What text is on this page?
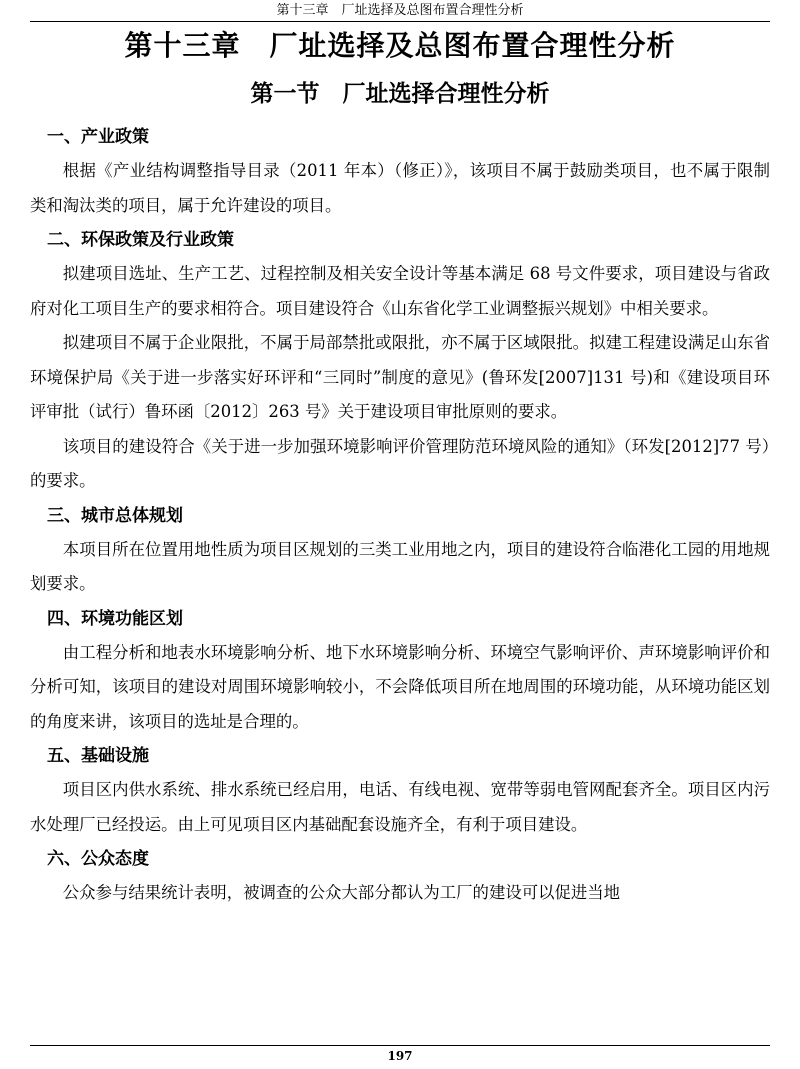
第十三章　厂址选择及总图布置合理性分析
第十三章　厂址选择及总图布置合理性分析
第一节　厂址选择合理性分析
一、产业政策

根据《产业结构调整指导目录（2011 年本）（修正）》，该项目不属于鼓励类项目，也不属于限制类和淘汰类的项目，属于允许建设的项目。

二、环保政策及行业政策

拟建项目选址、生产工艺、过程控制及相关安全设计等基本满足 68 号文件要求，项目建设与省政府对化工项目生产的要求相符合。项目建设符合《山东省化学工业调整振兴规划》中相关要求。

拟建项目不属于企业限批，不属于局部禁批或限批，亦不属于区域限批。拟建工程建设满足山东省环境保护局《关于进一步落实好环评和“三同时”制度的意见》(鲁环发[2007]131 号)和《建设项目环评审批（试行）鲁环函〔2012〕263 号》关于建设项目审批原则的要求。

该项目的建设符合《关于进一步加强环境影响评价管理防范环境风险的通知》（环发[2012]77 号）的要求。

三、城市总体规划

本项目所在位置用地性质为项目区规划的三类工业用地之内，项目的建设符合临港化工园的用地规划要求。

四、环境功能区划

由工程分析和地表水环境影响分析、地下水环境影响分析、环境空气影响评价、声环境影响评价和分析可知，该项目的建设对周围环境影响较小，不会降低项目所在地周围的环境功能，从环境功能区划的角度来讲，该项目的选址是合理的。

五、基础设施

项目区内供水系统、排水系统已经启用，电话、有线电视、宽带等弱电管网配套齐全。项目区内污水处理厂已经投运。由上可见项目区内基础配套设施齐全，有利于项目建设。

六、公众态度

公众参与结果统计表明，被调查的公众大部分都认为工厂的建设可以促进当地

197
